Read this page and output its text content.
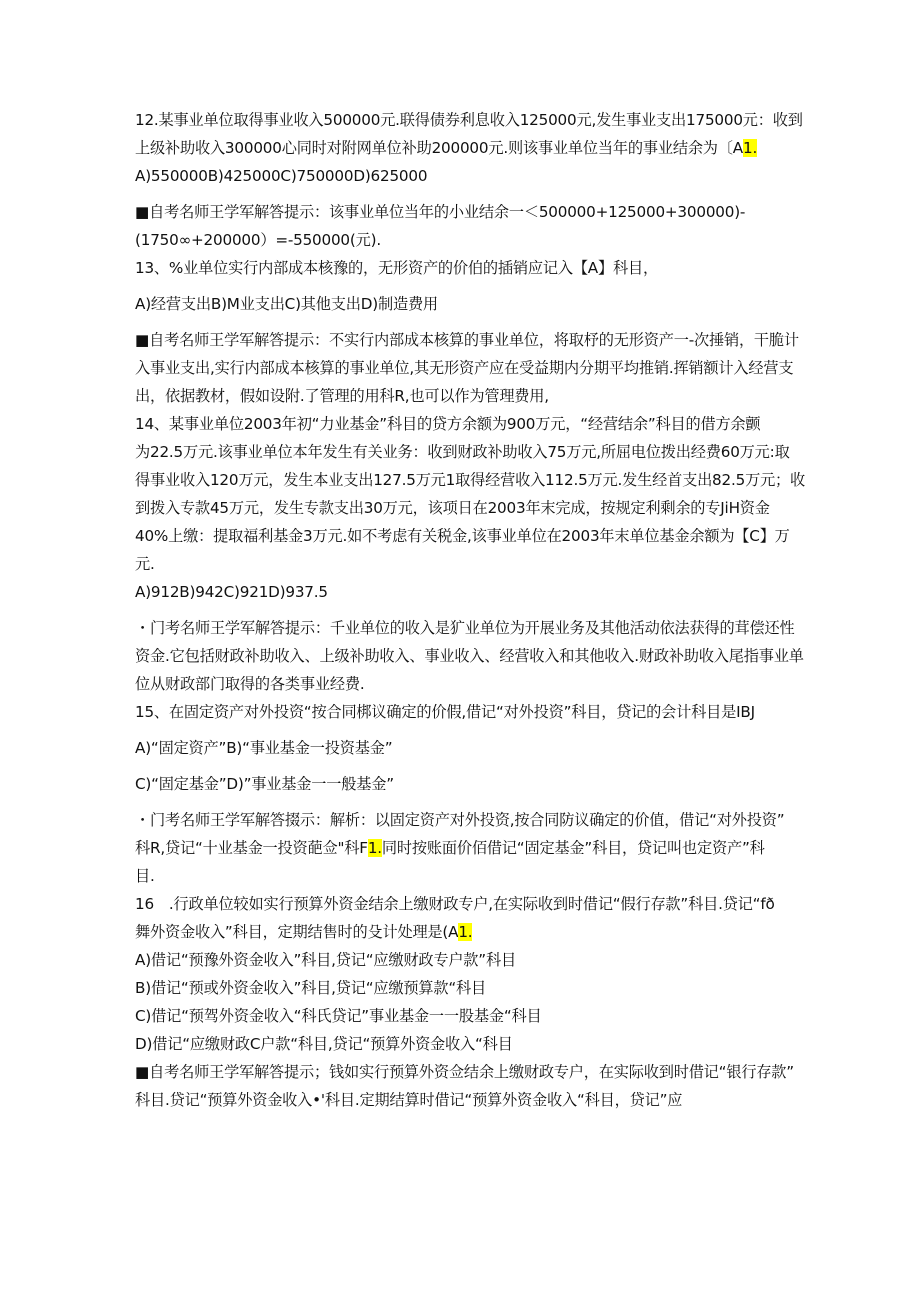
12.某事业单位取得事业收入500000元.联得债券利息收入125000元,发生事业支出175000元：收到
上级补助收入300000心同时对附网单位补助200000元.则该事业单位当年的事业结余为〔A1.
A)550000B)425000C)750000D)625000
■自考名师王学军解答提示：该事业单位当年的小业结余一＜500000+125000+300000)-
(1750∞+200000）=-550000(元).
13、%业单位实行内部成本核豫的，无形资产的价伯的插销应记入【A】科目，
A)经营支出B)M业支出C)其他支出D)制造费用
■自考名师王学军解答提示：不实行内部成本核算的事业单位，将取杼的无形资产一-次捶销，干脆计
入事业支出,实行内部成本核算的事业单位,其无形资产应在受益期内分期平均推销.挥销额计入经营支
出，依据教材，假如设附.了管理的用科R,也可以作为管理费用,
14、某事业单位2003年初“力业基金”科目的贷方余额为900万元，“经营结余”科目的借方余颤
为22.5万元.该事业单位本年发生有关业务：收到财政补助收入75万元,所屈电位拨出经费60万元:取
得事业收入120万元，发生本业支出127.5万元1取得经营收入112.5万元.发生经首支出82.5万元；收
到拨入专款45万元，发生专款支出30万元，该项日在2003年末完成，按规定利剩余的专JiH资金
40%上缴：提取福利基金3万元.如不考虑有关税金,该事业单位在2003年末单位基金余额为【C】万
元.
A)912B)942C)921D)937.5
・门考名师王学军解答提示：千业单位的收入是犷业单位为开展业务及其他活动依法获得的茸偿还性
资金.它包括财政补助收入、上级补助收入、事业收入、经营收入和其他收入.财政补助收入尾指事业单
位从财政部门取得的各类事业经费.
15、在固定资产对外投资“按合同梆议确定的价假,借记“对外投资”科目，贷记的会计科目是IBJ
A)“固定资产”B)“事业基金一投资基金”
C)“固定基金”D)”事业基金一一般基金”
・门考名师王学军解答掇示：解析：以固定资产对外投资,按合同防议确定的价值，借记“对外投资”
科R,贷记“十业基金一投资葩佥"科F1.同时按账面价佰借记“固定基金”科目，贷记叫也定资产”科
目.
16　.行政单位较如实行预算外资金结余上缴财政专户,在实际收到时借记“假行存款”科目.贷记“fð
舞外资金收入”科目，定期结售时的殳计处理是(A1.
A)借记“预豫外资金收入”科目,贷记“应缴财政专户款”科目
B)借记“预或外资金收入”科目,贷记“应缴预算款“科目
C)借记“预驾外资金收入“科氏贷记”事业基金一一股基金“科目
D)借记“应缴财政C户款“科目,贷记“预算外资金收入“科目
■自考名师王学军解答提示；钱如实行预算外资佥结余上缴财政专户，在实际收到时借记“银行存款”
科目.贷记“预算外资金收入•'科目.定期结算时借记“预算外资金收入“科目，贷记”应
